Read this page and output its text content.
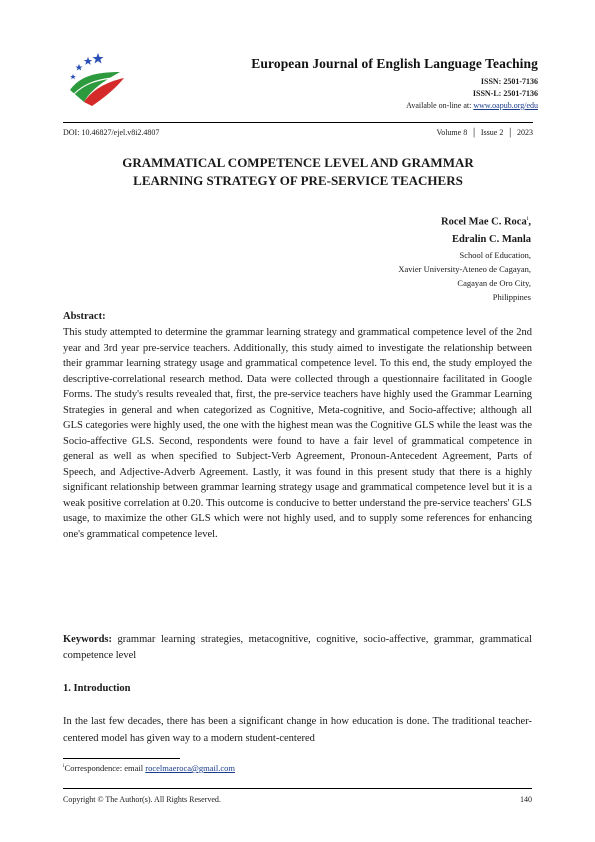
European Journal of English Language Teaching
ISSN: 2501-7136
ISSN-L: 2501-7136
Available on-line at: www.oapub.org/edu
DOI: 10.46827/ejel.v8i2.4807	Volume 8 │ Issue 2 │ 2023
GRAMMATICAL COMPETENCE LEVEL AND GRAMMAR
LEARNING STRATEGY OF PRE-SERVICE TEACHERS
Rocel Mae C. Roca$^i$,
Edralin C. Manla
School of Education,
Xavier University-Ateneo de Cagayan,
Cagayan de Oro City,
Philippines
Abstract:
This study attempted to determine the grammar learning strategy and grammatical competence level of the 2nd year and 3rd year pre-service teachers. Additionally, this study aimed to investigate the relationship between their grammar learning strategy usage and grammatical competence level. To this end, the study employed the descriptive-correlational research method. Data were collected through a questionnaire facilitated in Google Forms. The study's results revealed that, first, the pre-service teachers have highly used the Grammar Learning Strategies in general and when categorized as Cognitive, Meta-cognitive, and Socio-affective; although all GLS categories were highly used, the one with the highest mean was the Cognitive GLS while the least was the Socio-affective GLS. Second, respondents were found to have a fair level of grammatical competence in general as well as when specified to Subject-Verb Agreement, Pronoun-Antecedent Agreement, Parts of Speech, and Adjective-Adverb Agreement. Lastly, it was found in this present study that there is a highly significant relationship between grammar learning strategy usage and grammatical competence level but it is a weak positive correlation at 0.20. This outcome is conducive to better understand the pre-service teachers' GLS usage, to maximize the other GLS which were not highly used, and to supply some references for enhancing one's grammatical competence level.
Keywords: grammar learning strategies, metacognitive, cognitive, socio-affective, grammar, grammatical competence level
1. Introduction
In the last few decades, there has been a significant change in how education is done. The traditional teacher-centered model has given way to a modern student-centered
$^i$Correspondence: email rocelmaeroca@gmail.com
Copyright © The Author(s). All Rights Reserved.	140
